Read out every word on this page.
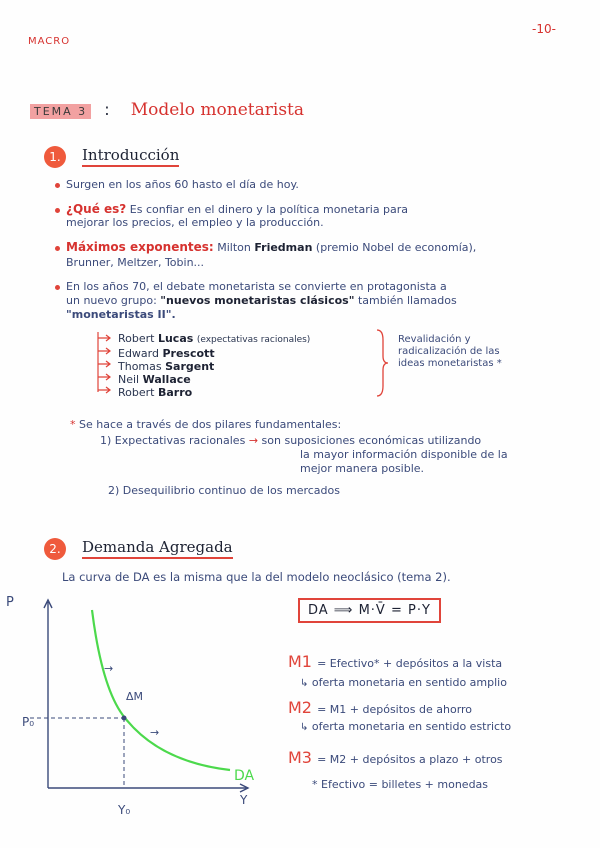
MACRO
-10-
TEMA 3 : Modelo monetarista
1.	Introducción
Surgen en los años 60 hasto el día de hoy.
¿Qué es? Es confiar en el dinero y la política monetaria para
mejorar los precios, el empleo y la producción.
Máximos exponentes: Milton Friedman (premio Nobel de economía),
Brunner, Meltzer, Tobin...
En los años 70, el debate monetarista se convierte en protagonista a
un nuevo grupo: "nuevos monetaristas clásicos" también llamados
"monetaristas II".
Robert Lucas (expectativas racionales)
Edward Prescott
Thomas Sargent
Neil Wallace
Robert Barro
Revalidación y
radicalización de las
ideas monetaristas *
* Se hace a través de dos pilares fundamentales:
1) Expectativas racionales → son suposiciones económicas utilizando
la mayor información disponible de la
mejor manera posible.
2) Desequilibrio continuo de los mercados
2.	Demanda Agregada
La curva de DA es la misma que la del modelo neoclásico (tema 2).
P
P₀
Y
Y₀
ΔM
DA
→
→
DA ⟹ M·V̄ = P·Y
M1 = Efectivo* + depósitos a la vista
↳ oferta monetaria en sentido amplio
M2 = M1 + depósitos de ahorro
↳ oferta monetaria en sentido estricto
M3 = M2 + depósitos a plazo + otros
* Efectivo = billetes + monedas
